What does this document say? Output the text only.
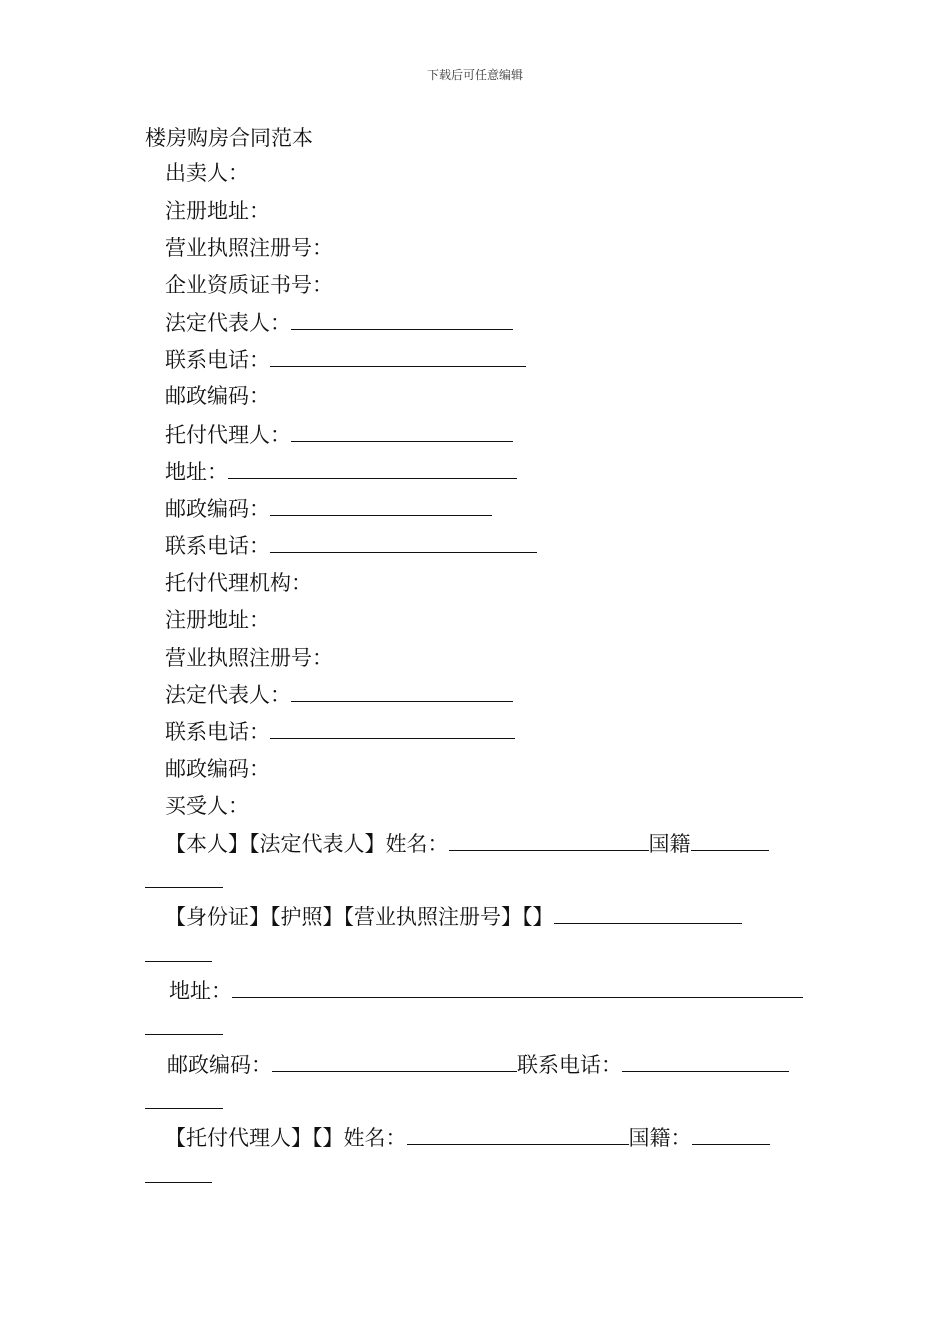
下载后可任意编辑
楼房购房合同范本
出卖人：
注册地址：
营业执照注册号：
企业资质证书号：
法定代表人：
联系电话：
邮政编码：
托付代理人：
地址：
邮政编码：
联系电话：
托付代理机构：
注册地址：
营业执照注册号：
法定代表人：
联系电话：
邮政编码：
买受人：
【本人】【法定代表人】姓名：	国籍
【身份证】【护照】【营业执照注册号】【】
地址：
邮政编码：	联系电话：
【托付代理人】【】姓名：	国籍：
